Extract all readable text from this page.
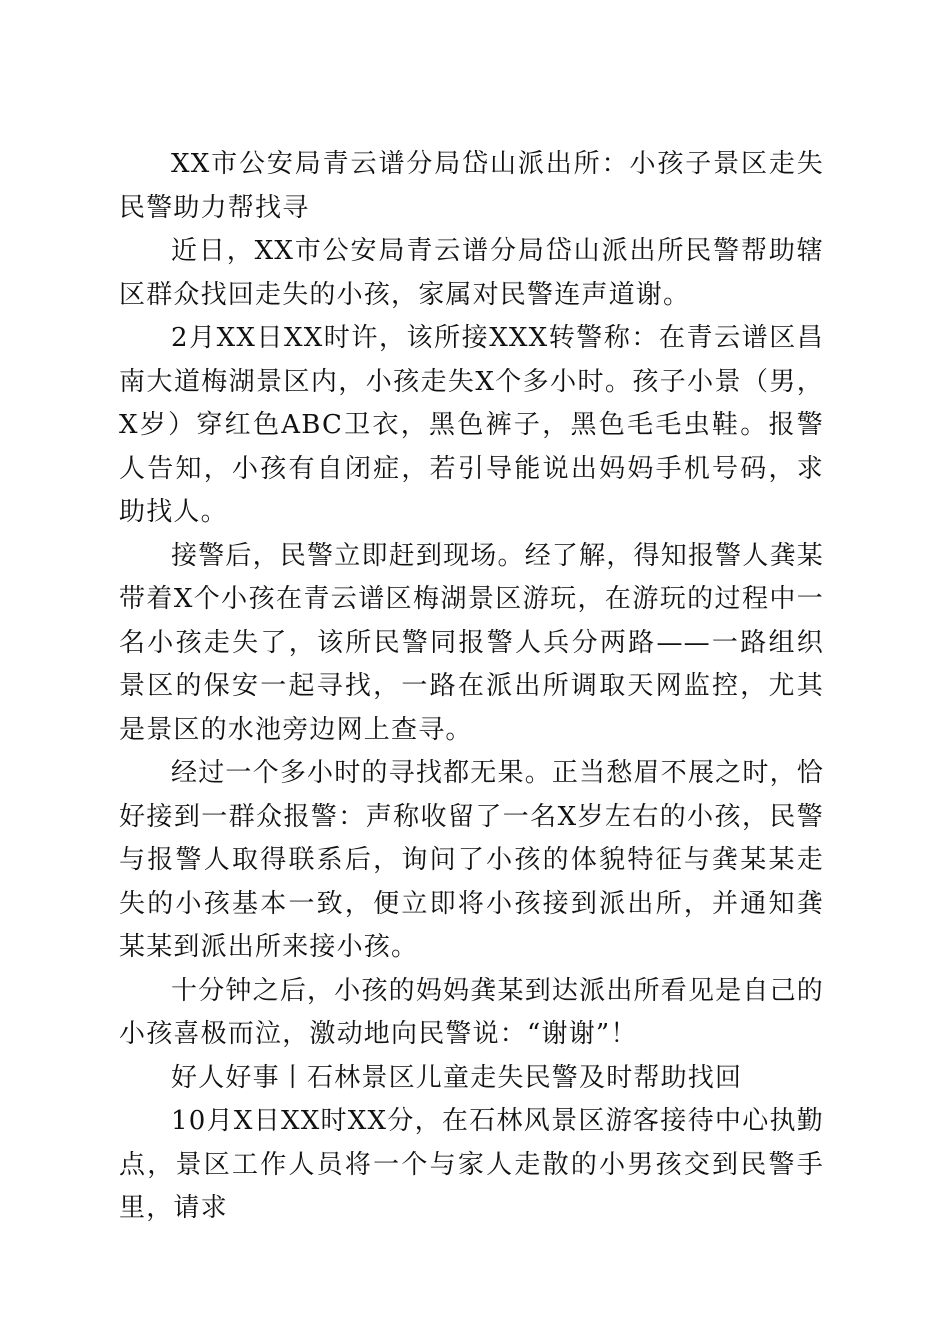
XX市公安局青云谱分局岱山派出所：小孩子景区走失民警助力帮找寻

近日，XX市公安局青云谱分局岱山派出所民警帮助辖区群众找回走失的小孩，家属对民警连声道谢。

2月XX日XX时许，该所接XXX转警称：在青云谱区昌南大道梅湖景区内，小孩走失X个多小时。孩子小景（男，X岁）穿红色ABC卫衣，黑色裤子，黑色毛毛虫鞋。报警人告知，小孩有自闭症，若引导能说出妈妈手机号码，求助找人。

接警后，民警立即赶到现场。经了解，得知报警人龚某带着X个小孩在青云谱区梅湖景区游玩，在游玩的过程中一名小孩走失了，该所民警同报警人兵分两路——一路组织景区的保安一起寻找，一路在派出所调取天网监控，尤其是景区的水池旁边网上查寻。

经过一个多小时的寻找都无果。正当愁眉不展之时，恰好接到一群众报警：声称收留了一名X岁左右的小孩，民警与报警人取得联系后，询问了小孩的体貌特征与龚某某走失的小孩基本一致，便立即将小孩接到派出所，并通知龚某某到派出所来接小孩。

十分钟之后，小孩的妈妈龚某到达派出所看见是自己的小孩喜极而泣，激动地向民警说：“谢谢”！

好人好事丨石林景区儿童走失民警及时帮助找回

10月X日XX时XX分，在石林风景区游客接待中心执勤点，景区工作人员将一个与家人走散的小男孩交到民警手里，请求
